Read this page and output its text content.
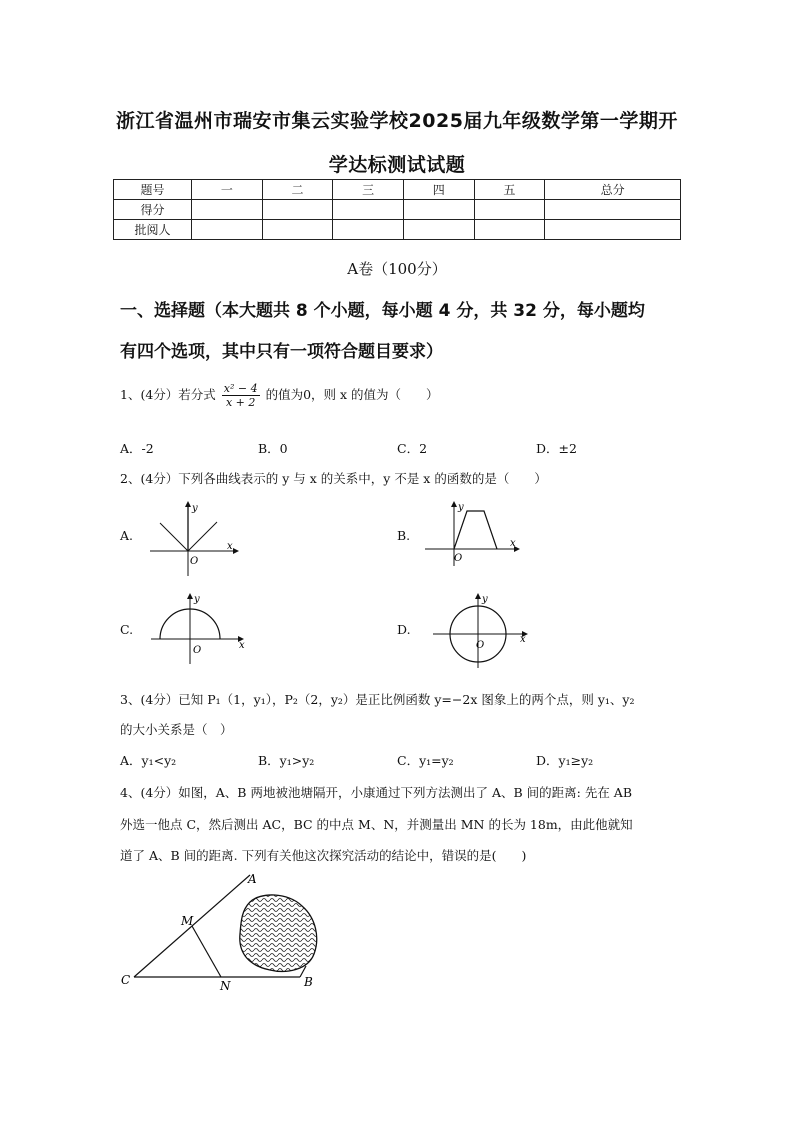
浙江省温州市瑞安市集云实验学校2025届九年级数学第一学期开
学达标测试试题
题号	一	二	三	四	五	总分
得分						
批阅人						
A卷（100分）
一、选择题（本大题共 8 个小题，每小题 4 分，共 32 分，每小题均
有四个选项，其中只有一项符合题目要求）
1、(4分）若分式 $\frac{\text{x² − 4}}{x + 2}$ 的值为0，则 x 的值为（　　）
A．-2	B．0	C．2	D．±2
2、(4分）下列各曲线表示的 y 与 x 的关系中，y 不是 x 的函数的是（　　）
A.	B.
C.	D.
x
y
O
x
y
O
x
y
O
x
y
O
3、(4分）已知 P₁（1，y₁），P₂（2，y₂）是正比例函数 y=−2x 图象上的两个点，则 y₁、y₂
的大小关系是（　）
A．y₁<y₂	B．y₁>y₂	C．y₁=y₂	D．y₁≥y₂
4、(4分）如图，A、B 两地被池塘隔开，小康通过下列方法测出了 A、B 间的距离: 先在 AB
外选一他点 C，然后测出 AC，BC 的中点 M、N，并测量出 MN 的长为 18m，由此他就知
道了 A、B 间的距离. 下列有关他这次探究活动的结论中，错误的是(　　)
A
B
C
M
N
